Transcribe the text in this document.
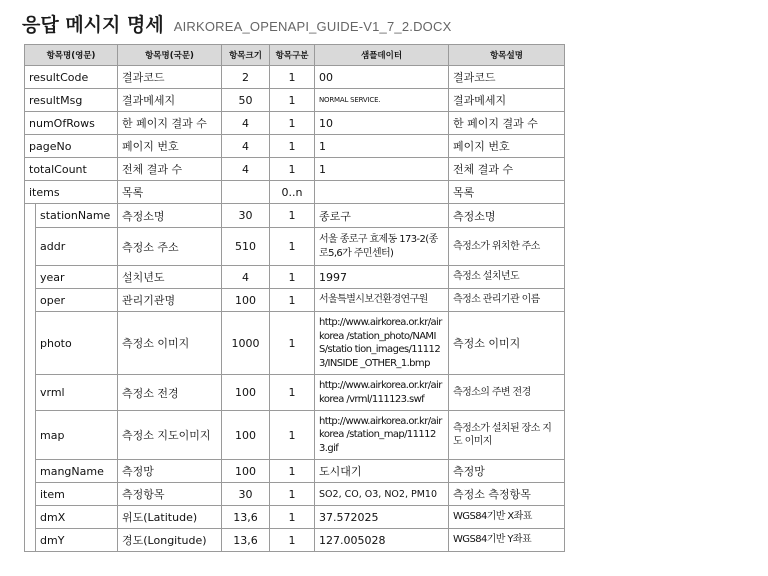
응답 메시지 명세 AIRKOREA_OPENAPI_GUIDE-V1_7_2.DOCX
항목명(영문)		항목명(국문)	항목크기	항목구분	샘플데이터	항목설명
resultCode		결과코드	2	1	00	결과코드
resultMsg		결과메세지	50	1	NORMAL SERVICE.	결과메세지
numOfRows		한 페이지 결과 수	4	1	10	한 페이지 결과 수
pageNo		페이지 번호	4	1	1	페이지 번호
totalCount		전체 결과 수	4	1	1	전체 결과 수
items		목록		0..n		목록
	stationName	측정소명	30	1	종로구	측정소명
	addr	측정소 주소	510	1	서울 종로구 효제동 173-2(종로5,6가 주민센터)	측정소가 위치한 주소
	year	설치년도	4	1	1997	측정소 설치년도
	oper	관리기관명	100	1	서울특별시보건환경연구원	측정소 관리기관 이름
	photo	측정소 이미지	1000	1	http://www.airkorea.or.kr/airkorea /station_photo/NAMIS/statio tion_images/111123/INSIDE _OTHER_1.bmp	측정소 이미지
	vrml	측정소 전경	100	1	http://www.airkorea.or.kr/airkorea /vrml/111123.swf	측정소의 주변 전경
	map	측정소 지도이미지	100	1	http://www.airkorea.or.kr/airkorea /station_map/111123.gif	측정소가 설치된 장소 지도 이미지
	mangName	측정망	100	1	도시대기	측정망
	item	측정항목	30	1	SO2, CO, O3, NO2, PM10	측정소 측정항목
	dmX	위도(Latitude)	13,6	1	37.572025	WGS84기반 X좌표
	dmY	경도(Longitude)	13,6	1	127.005028	WGS84기반 Y좌표
